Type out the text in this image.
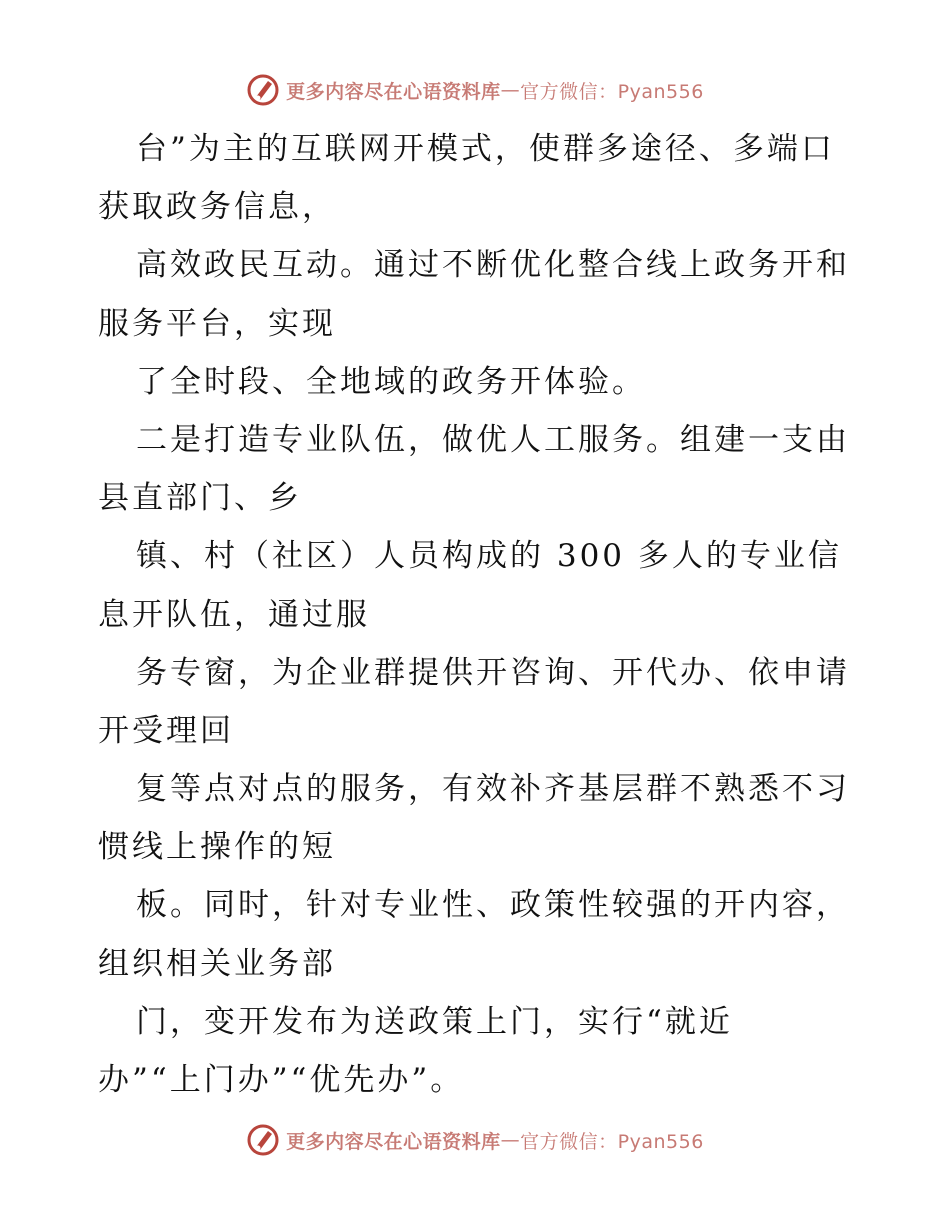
更多内容尽在心语资料库 — 官方微信：Pyan556
台”为主的互联网开模式，使群多途径、多端口
获取政务信息，
高效政民互动。通过不断优化整合线上政务开和
服务平台，实现
了全时段、全地域的政务开体验。
二是打造专业队伍，做优人工服务。组建一支由
县直部门、乡
镇、村（社区）人员构成的 300 多人的专业信
息开队伍，通过服
务专窗，为企业群提供开咨询、开代办、依申请
开受理回
复等点对点的服务，有效补齐基层群不熟悉不习
惯线上操作的短
板。同时，针对专业性、政策性较强的开内容，
组织相关业务部
门，变开发布为送政策上门，实行“就近
办”“上门办”“优先办”。
更多内容尽在心语资料库 — 官方微信：Pyan556
